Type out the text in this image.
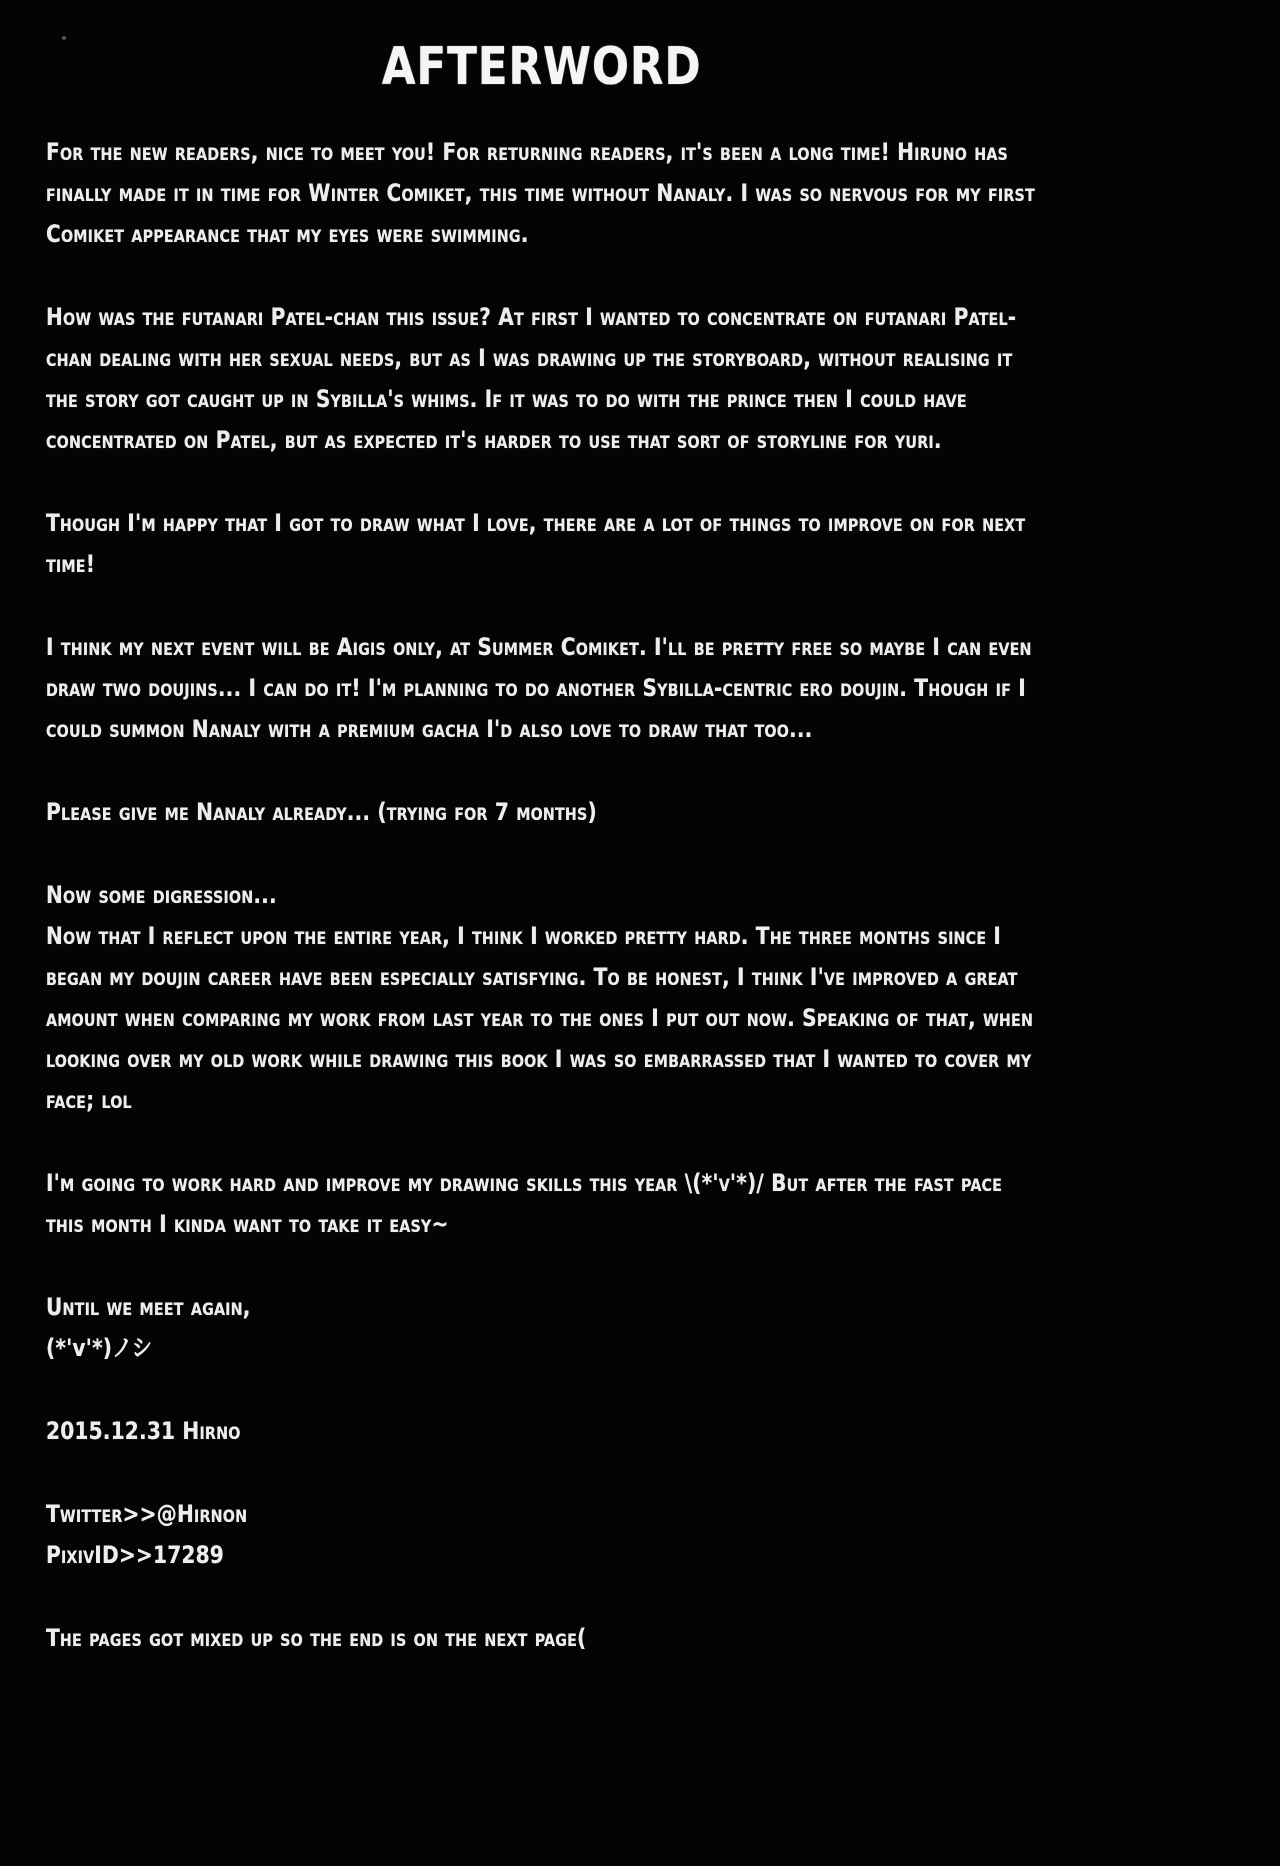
AFTERWORD

For the new readers, nice to meet you! For returning readers, it's been a long time! Hiruno has finally made it in time for Winter Comiket, this time without Nanaly. I was so nervous for my first Comiket appearance that my eyes were swimming.

How was the futanari Patel-chan this issue? At first I wanted to concentrate on futanari Patel-chan dealing with her sexual needs, but as I was drawing up the storyboard, without realising it the story got caught up in Sybilla's whims. If it was to do with the prince then I could have concentrated on Patel, but as expected it's harder to use that sort of storyline for yuri.

Though I'm happy that I got to draw what I love, there are a lot of things to improve on for next time!

I think my next event will be Aigis only, at Summer Comiket. I'll be pretty free so maybe I can even draw two doujins... I can do it! I'm planning to do another Sybilla-centric ero doujin. Though if I could summon Nanaly with a premium gacha I'd also love to draw that too...

Please give me Nanaly already... (trying for 7 months)

Now some digression...

Now that I reflect upon the entire year, I think I worked pretty hard. The three months since I began my doujin career have been especially satisfying. To be honest, I think I've improved a great amount when comparing my work from last year to the ones I put out now. Speaking of that, when looking over my old work while drawing this book I was so embarrassed that I wanted to cover my face; lol

I'm going to work hard and improve my drawing skills this year \(*'v'*)/ But after the fast pace this month I kinda want to take it easy~

Until we meet again,

(*'v'*)ノシ

2015.12.31 Hirno

Twitter>>@Hirnon

PixivID>>17289

The pages got mixed up so the end is on the next page(
